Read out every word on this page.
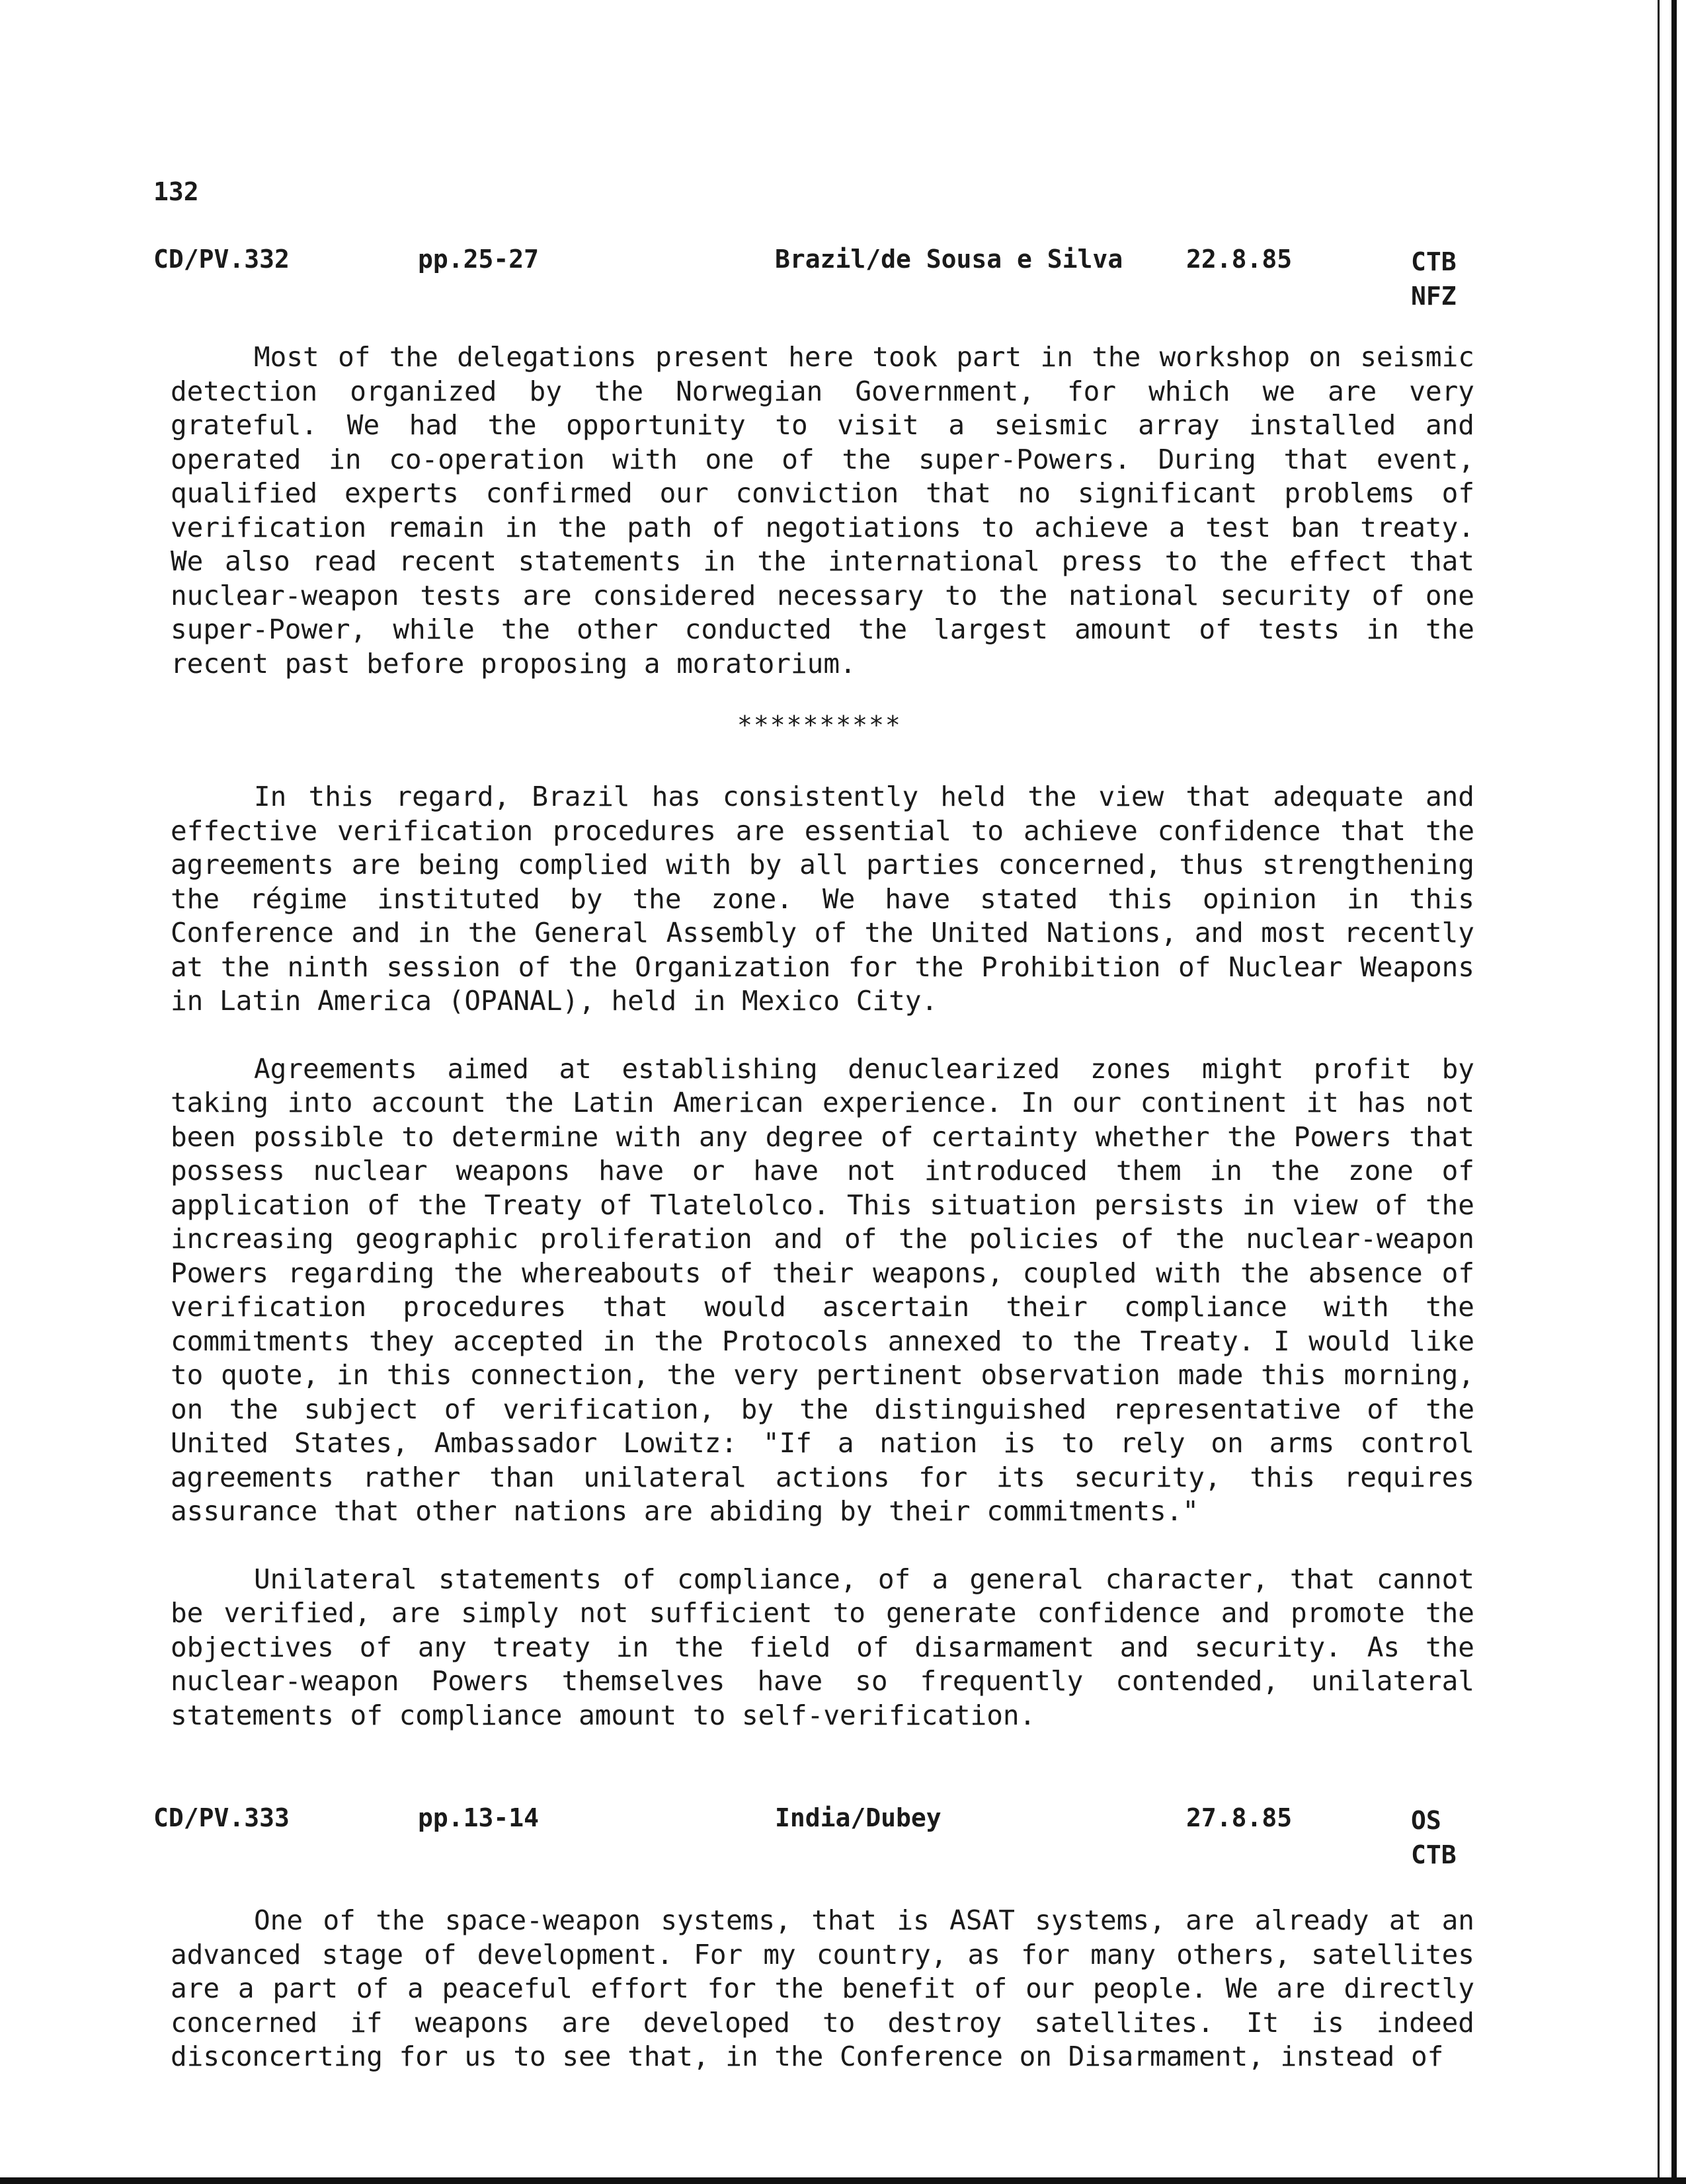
132
CD/PV.332	pp.25-27	Brazil/de Sousa e Silva	22.8.85	CTB
NFZ

Most of the delegations present here took part in the workshop on seismic detection organized by the Norwegian Government, for which we are very grateful. We had the opportunity to visit a seismic array installed and operated in co-operation with one of the super-Powers. During that event, qualified experts confirmed our conviction that no significant problems of verification remain in the path of negotiations to achieve a test ban treaty. We also read recent statements in the international press to the effect that nuclear-weapon tests are considered necessary to the national security of one super-Power, while the other conducted the largest amount of tests in the recent past before proposing a moratorium.

**********

In this regard, Brazil has consistently held the view that adequate and effective verification procedures are essential to achieve confidence that the agreements are being complied with by all parties concerned, thus strengthening the régime instituted by the zone. We have stated this opinion in this Conference and in the General Assembly of the United Nations, and most recently at the ninth session of the Organization for the Prohibition of Nuclear Weapons in Latin America (OPANAL), held in Mexico City.

Agreements aimed at establishing denuclearized zones might profit by taking into account the Latin American experience. In our continent it has not been possible to determine with any degree of certainty whether the Powers that possess nuclear weapons have or have not introduced them in the zone of application of the Treaty of Tlatelolco. This situation persists in view of the increasing geographic proliferation and of the policies of the nuclear-weapon Powers regarding the whereabouts of their weapons, coupled with the absence of verification procedures that would ascertain their compliance with the commitments they accepted in the Protocols annexed to the Treaty. I would like to quote, in this connection, the very pertinent observation made this morning, on the subject of verification, by the distinguished representative of the United States, Ambassador Lowitz: "If a nation is to rely on arms control agreements rather than unilateral actions for its security, this requires assurance that other nations are abiding by their commitments."

Unilateral statements of compliance, of a general character, that cannot be verified, are simply not sufficient to generate confidence and promote the objectives of any treaty in the field of disarmament and security. As the nuclear-weapon Powers themselves have so frequently contended, unilateral statements of compliance amount to self-verification.

CD/PV.333	pp.13-14	India/Dubey	27.8.85	OS
CTB

One of the space-weapon systems, that is ASAT systems, are already at an advanced stage of development. For my country, as for many others, satellites are a part of a peaceful effort for the benefit of our people. We are directly concerned if weapons are developed to destroy satellites. It is indeed disconcerting for us to see that, in the Conference on Disarmament, instead of
